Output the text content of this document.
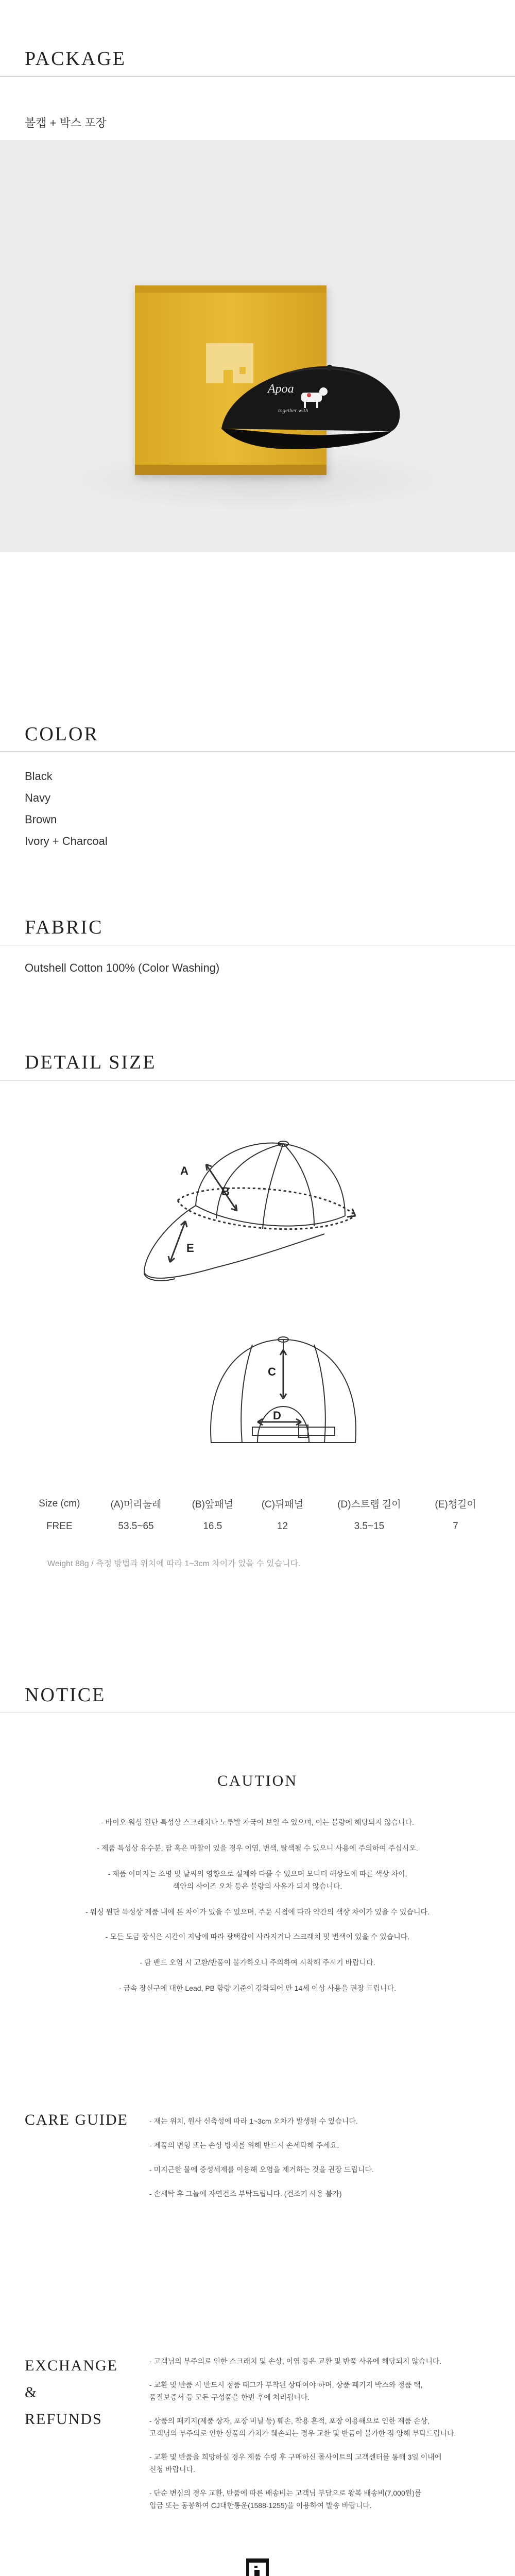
PACKAGE
볼캡 + 박스 포장
Apoa
together with
COLOR
Black
Navy
Brown
Ivory + Charcoal
FABRIC
Outshell Cotton 100% (Color Washing)
DETAIL SIZE
A
B
E
C
D
Size (cm)	(A)머리둘레	(B)앞패널	(C)뒤패널	(D)스트랩 길이	(E)챙길이
FREE	53.5~65	16.5	12	3.5~15	7
Weight 88g / 측정 방법과 위치에 따라 1~3cm 차이가 있을 수 있습니다.
NOTICE
CAUTION
- 바이오 워싱 원단 특성상 스크래치나 노루발 자국이 보일 수 있으며, 이는 불량에 해당되지 않습니다.
- 제품 특성상 유수분, 땀 혹은 마찰이 있을 경우 이염, 변색, 탈색될 수 있으니 사용에 주의하여 주십시오.
- 제품 이미지는 조명 및 날씨의 영향으로 실제와 다를 수 있으며 모니터 해상도에 따른 색상 차이,
색안의 사이즈 오차 등은 불량의 사유가 되지 않습니다.
- 워싱 원단 특성상 제품 내에 톤 차이가 있을 수 있으며, 주문 시점에 따라 약간의 색상 차이가 있을 수 있습니다.
- 모든 도금 장식은 시간이 지남에 따라 광택감이 사라지거나 스크래치 및 변색이 있을 수 있습니다.
- 땀 밴드 오염 시 교환/반품이 불가하오니 주의하여 시착해 주시기 바랍니다.
- 금속 장신구에 대한 Lead, PB 함량 기준이 강화되어 만 14세 이상 사용을 권장 드립니다.
CARE GUIDE	- 재는 위치, 원사 신축성에 따라 1~3cm 오차가 발생될 수 있습니다.
- 제품의 변형 또는 손상 방지를 위해 반드시 손세탁해 주세요.
- 미지근한 물에 중성세제를 이용해 오염을 제거하는 것을 권장 드립니다.
- 손세탁 후 그늘에 자연건조 부탁드립니다. (건조기 사용 불가)
EXCHANGE
&
REFUNDS
- 고객님의 부주의로 인한 스크래치 및 손상, 이염 등은 교환 및 반품 사유에 해당되지 않습니다.
- 교환 및 반품 시 반드시 정품 태그가 부착된 상태여야 하며, 상품 패키지 박스와 정품 택,
품질보증서 등 모든 구성품을 한번 후에 처리됩니다.
- 상품의 패키지(제품 상자, 포장 비닐 등) 훼손, 착용 흔적, 포장 이용해으로 인한 제품 손상,
고객님의 부주의로 인한 상품의 가치가 훼손되는 경우 교환 및 반품이 불가한 점 양해 부탁드립니다.
- 교환 및 반품을 희망하실 경우 제품 수령 후 구매하신 몰사이트의 고객센터를 통해 3일 이내에
신청 바랍니다.
- 단순 변심의 경우 교환, 반품에 따른 배송비는 고객님 부담으로 왕복 배송비(7,000원)를
입금 또는 동봉하여 CJ대한통운(1588-1255)을 이용하여 발송 바랍니다.
